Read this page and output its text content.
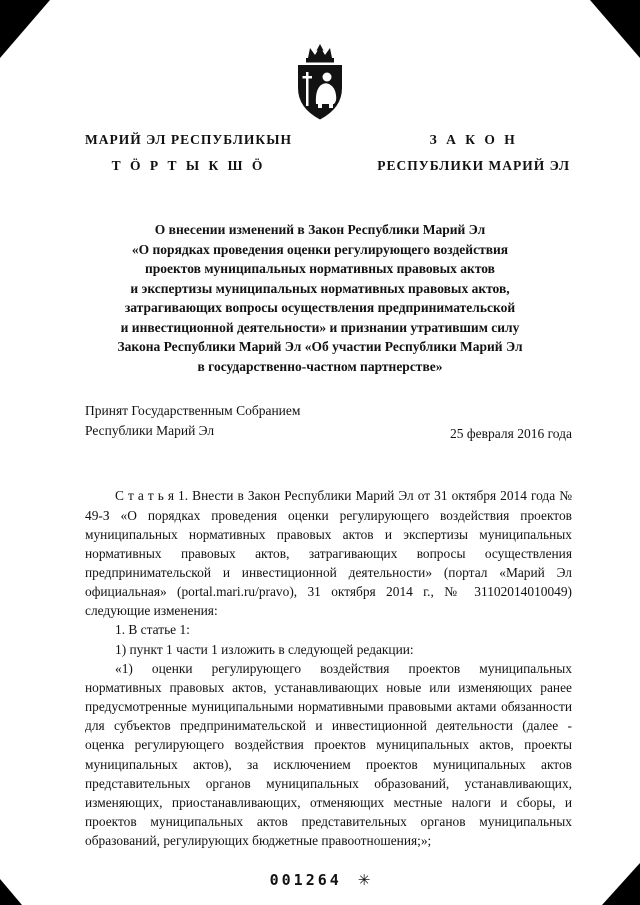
МАРИЙ ЭЛ РЕСПУБЛИКЫН
Т Ӧ Р Т Ы К Ш Ӧ
З А К О Н
РЕСПУБЛИКИ МАРИЙ ЭЛ
О внесении изменений в Закон Республики Марий Эл
«О порядках проведения оценки регулирующего воздействия
проектов муниципальных нормативных правовых актов
и экспертизы муниципальных нормативных правовых актов,
затрагивающих вопросы осуществления предпринимательской
и инвестиционной деятельности» и признании утратившим силу
Закона Республики Марий Эл «Об участии Республики Марий Эл
в государственно-частном партнерстве»
Принят Государственным Собранием
Республики Марий Эл	25 февраля 2016 года

С т а т ь я 1. Внести в Закон Республики Марий Эл от 31 октября 2014 года № 49-З «О порядках проведения оценки регулирующего воздействия проектов муниципальных нормативных правовых актов и экспертизы муниципальных нормативных правовых актов, затрагивающих вопросы осуществления предпринимательской и инвестиционной деятельности» (портал «Марий Эл официальная» (portal.mari.ru/pravo), 31 октября 2014 г., № 31102014010049) следующие изменения:

1. В статье 1:

1) пункт 1 части 1 изложить в следующей редакции:

«1) оценки регулирующего воздействия проектов муниципальных нормативных правовых актов, устанавливающих новые или изменяющих ранее предусмотренные муниципальными нормативными правовыми актами обязанности для субъектов предпринимательской и инвестиционной деятельности (далее - оценка регулирующего воздействия проектов муниципальных актов, проекты муниципальных актов), за исключением проектов муниципальных актов представительных органов муниципальных образований, устанавливающих, изменяющих, приостанавливающих, отменяющих местные налоги и сборы, и проектов муниципальных актов представительных органов муниципальных образований, регулирующих бюджетные правоотношения;»;

001264 ✳
